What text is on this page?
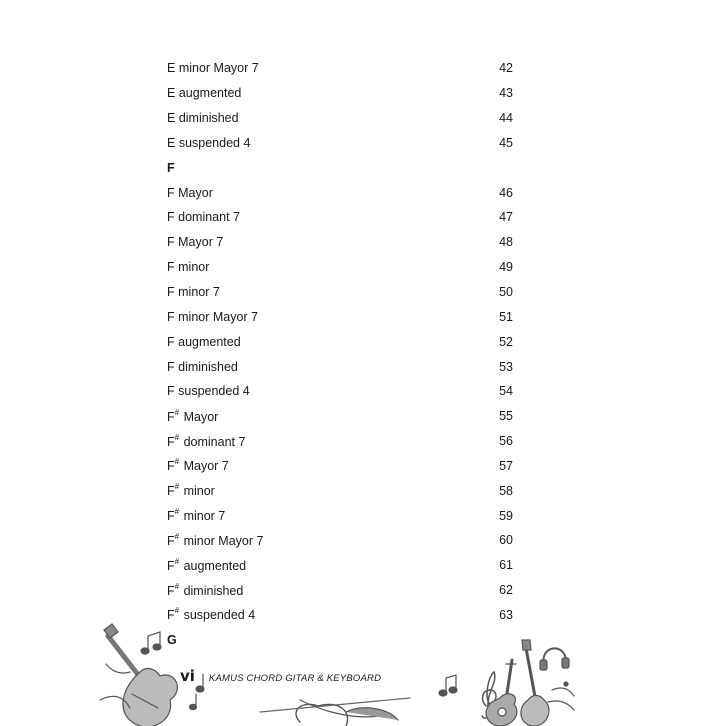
E minor Mayor 7	42
E augmented	43
E diminished	44
E suspended 4	45
F
F Mayor	46
F dominant 7	47
F Mayor 7	48
F minor	49
F minor 7	50
F minor Mayor 7	51
F augmented	52
F diminished	53
F suspended 4	54
F# Mayor	55
F# dominant 7	56
F# Mayor 7	57
F# minor	58
F# minor 7	59
F# minor Mayor 7	60
F# augmented	61
F# diminished	62
F# suspended 4	63
G
vi KAMUS CHORD GITAR & KEYBOARD
